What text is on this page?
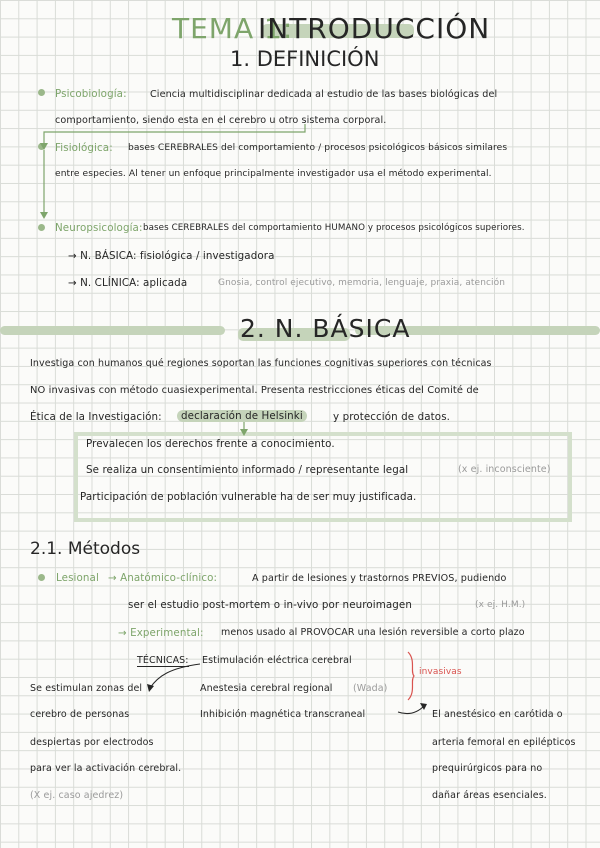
TEMA 1:
INTRODUCCIÓN
1. DEFINICIÓN
Psicobiología: Ciencia multidisciplinar dedicada al estudio de las bases biológicas del
comportamiento, siendo esta en el cerebro u otro sistema corporal.
Fisiológica: bases CEREBRALES del comportamiento / procesos psicológicos básicos similares
entre especies. Al tener un enfoque principalmente investigador usa el método experimental.
Neuropsicología: bases CEREBRALES del comportamiento HUMANO y procesos psicológicos superiores.
→ N. BÁSICA: fisiológica / investigadora
→ N. CLÍNICA: aplicada	Gnosia, control ejecutivo, memoria, lenguaje, praxia, atención
2. N. BÁSICA
Investiga con humanos qué regiones soportan las funciones cognitivas superiores con técnicas
NO invasivas con método cuasiexperimental. Presenta restricciones éticas del Comité de
Ética de la Investigación:	declaración de Helsinki	y protección de datos.
Prevalecen los derechos frente a conocimiento.
Se realiza un consentimiento informado / representante legal	(x ej. inconsciente)
Participación de población vulnerable ha de ser muy justificada.
2.1. Métodos
Lesional → Anatómico-clínico:	A partir de lesiones y trastornos PREVIOS, pudiendo
ser el estudio post-mortem o in-vivo por neuroimagen	(x ej. H.M.)
→ Experimental: menos usado al PROVOCAR una lesión reversible a corto plazo
TÉCNICAS: Estimulación eléctrica cerebral
Anestesia cerebral regional (Wada)
Inhibición magnética transcraneal
invasivas
Se estimulan zonas del
cerebro de personas
despiertas por electrodos
para ver la activación cerebral.
(X ej. caso ajedrez)
El anestésico en carótida o
arteria femoral en epilépticos
prequirúrgicos para no
dañar áreas esenciales.
